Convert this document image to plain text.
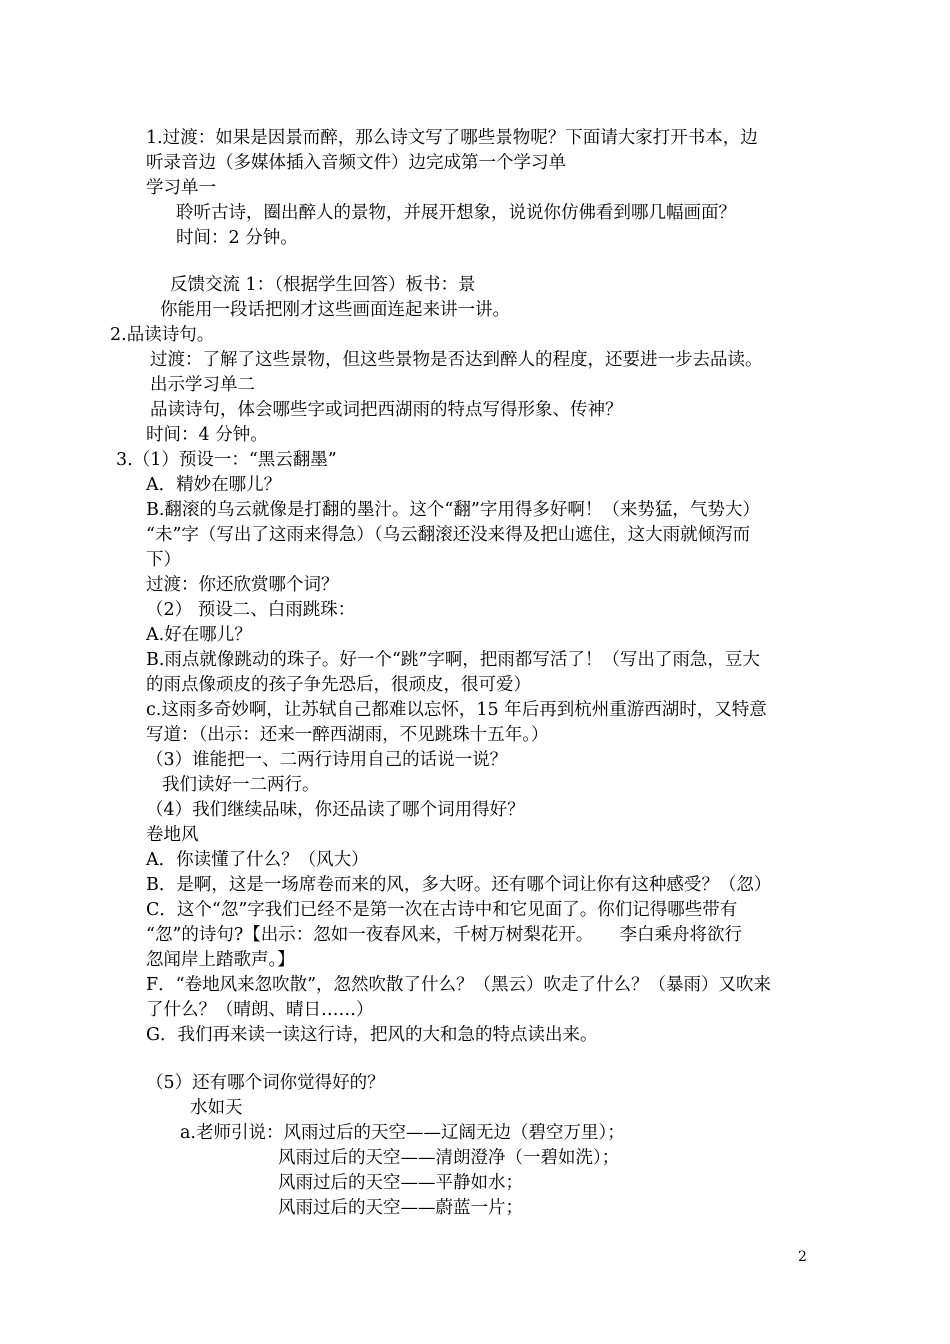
1.过渡：如果是因景而醉，那么诗文写了哪些景物呢？下面请大家打开书本，边
听录音边（多媒体插入音频文件）边完成第一个学习单
学习单一
聆听古诗，圈出醉人的景物，并展开想象，说说你仿佛看到哪几幅画面？
时间：2 分钟。
反馈交流 1：（根据学生回答）板书：景
你能用一段话把刚才这些画面连起来讲一讲。
2.品读诗句。
过渡：了解了这些景物，但这些景物是否达到醉人的程度，还要进一步去品读。
出示学习单二
品读诗句，体会哪些字或词把西湖雨的特点写得形象、传神？
时间：4 分钟。
3.（1）预设一：“黑云翻墨”
A．精妙在哪儿？
B.翻滚的乌云就像是打翻的墨汁。这个“翻”字用得多好啊！（来势猛，气势大）
“未”字（写出了这雨来得急）（乌云翻滚还没来得及把山遮住，这大雨就倾泻而
下）
过渡：你还欣赏哪个词？
（2） 预设二、白雨跳珠：
A.好在哪儿？
B.雨点就像跳动的珠子。好一个“跳”字啊，把雨都写活了！（写出了雨急，豆大
的雨点像顽皮的孩子争先恐后，很顽皮，很可爱）
c.这雨多奇妙啊，让苏轼自己都难以忘怀，15 年后再到杭州重游西湖时，又特意
写道：（出示：还来一醉西湖雨，不见跳珠十五年。）
（3）谁能把一、二两行诗用自己的话说一说？
我们读好一二两行。
（4）我们继续品味，你还品读了哪个词用得好？
卷地风
A．你读懂了什么？（风大）
B．是啊，这是一场席卷而来的风，多大呀。还有哪个词让你有这种感受？（忽）
C．这个“忽”字我们已经不是第一次在古诗中和它见面了。你们记得哪些带有
“忽”的诗句?【出示：忽如一夜春风来，千树万树梨花开。　　李白乘舟将欲行
忽闻岸上踏歌声。】
F．“卷地风来忽吹散”，忽然吹散了什么？（黑云）吹走了什么？（暴雨）又吹来
了什么？（晴朗、晴日……）
G．我们再来读一读这行诗，把风的大和急的特点读出来。
（5）还有哪个词你觉得好的？
水如天
a.老师引说：风雨过后的天空——辽阔无边（碧空万里）；
风雨过后的天空——清朗澄净（一碧如洗）；
风雨过后的天空——平静如水；
风雨过后的天空——蔚蓝一片；
2
